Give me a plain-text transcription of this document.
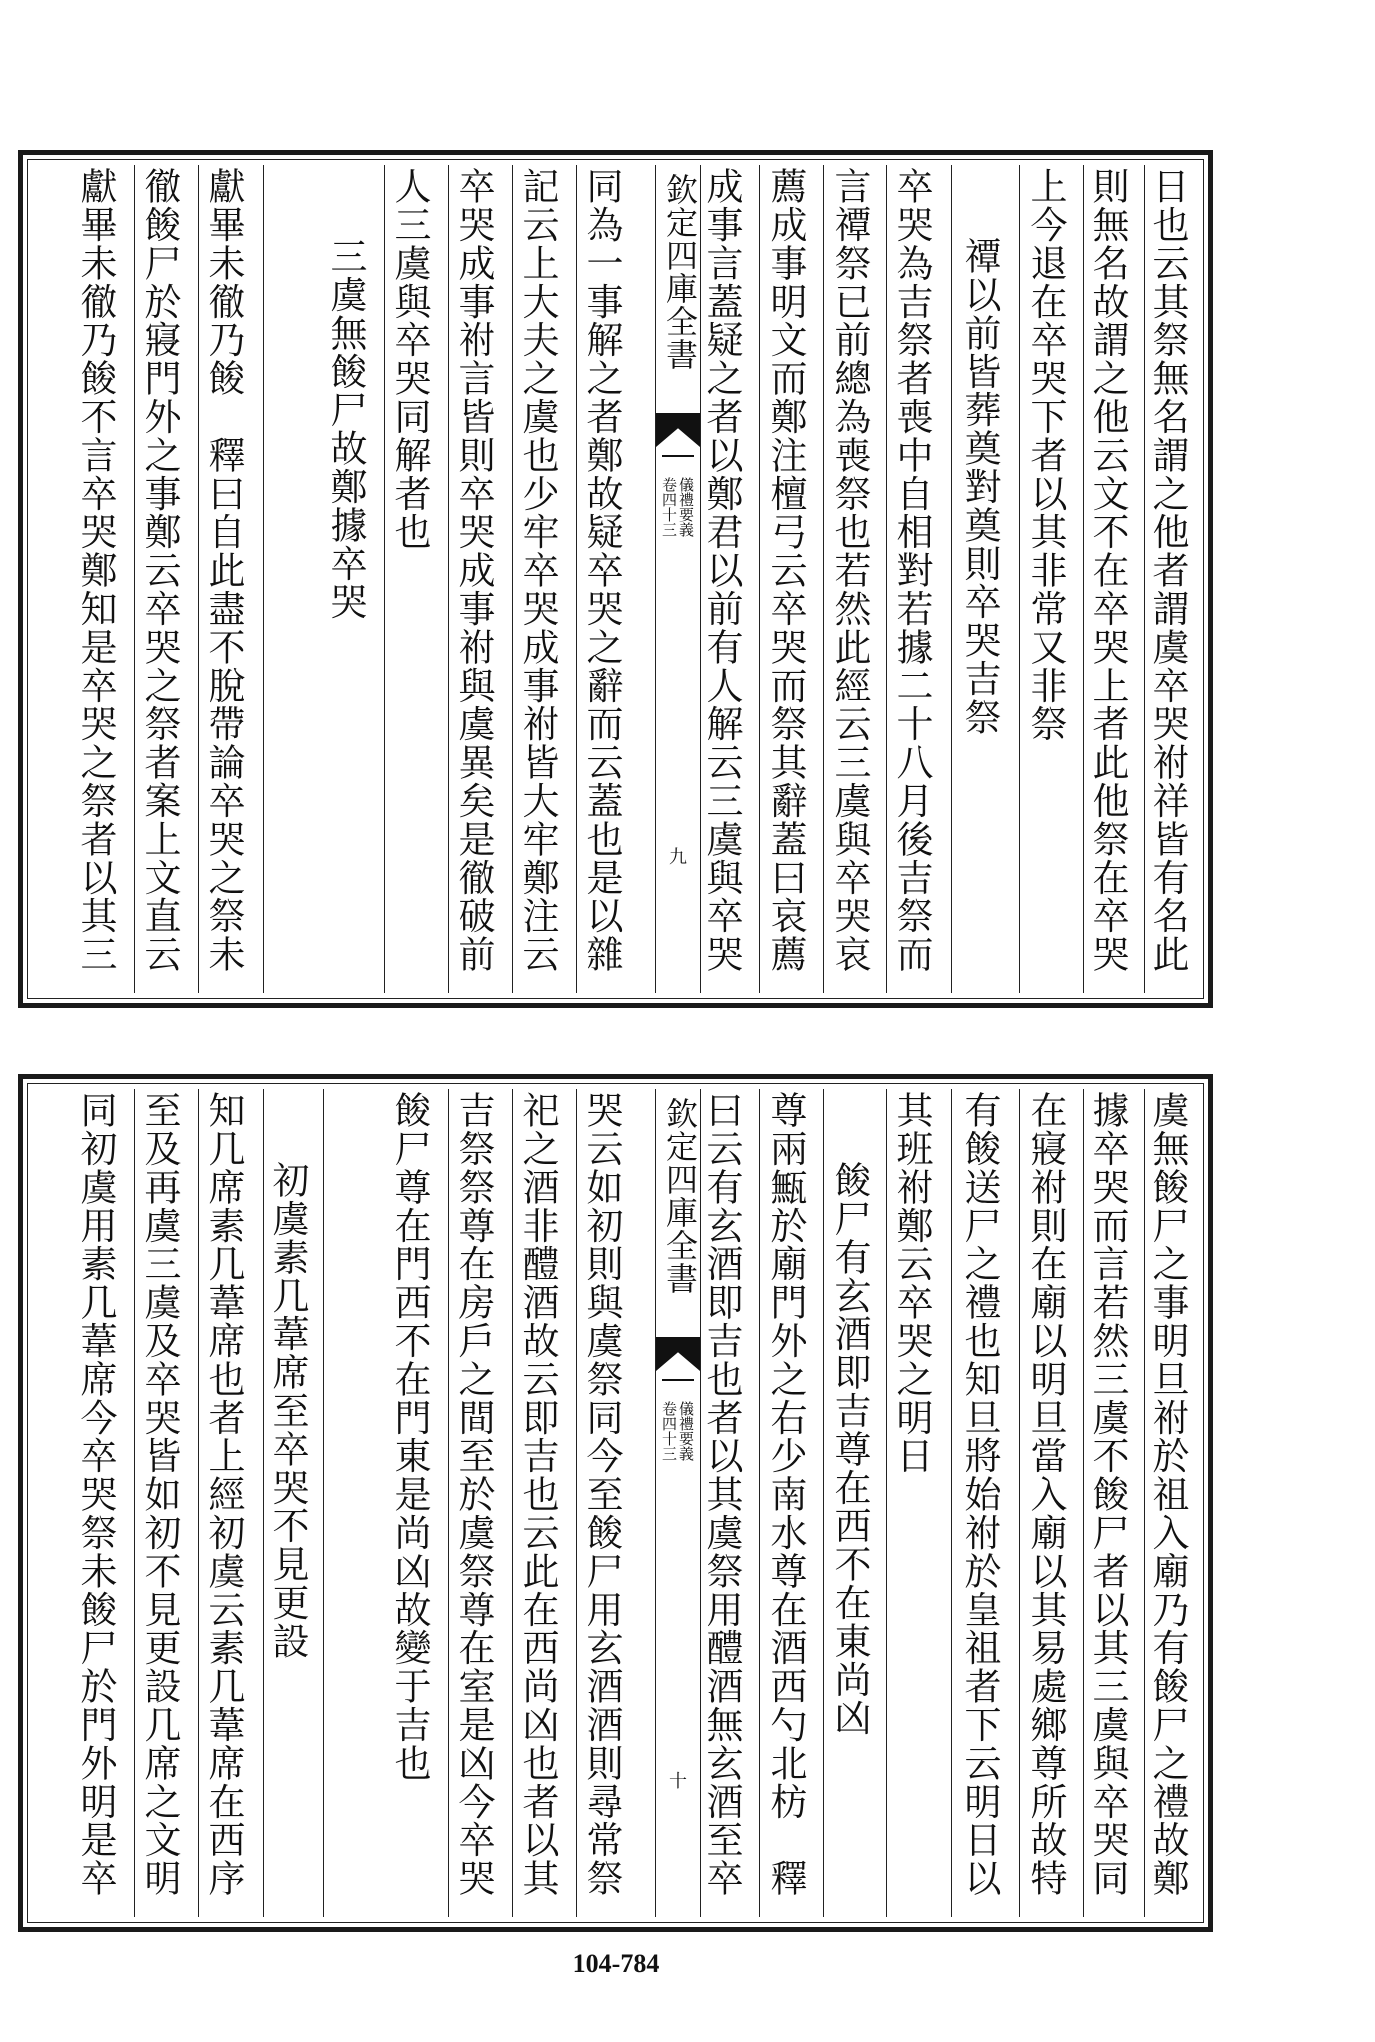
日也云其祭無名謂之他者謂虞卒哭祔祥皆有名此
則無名故謂之他云文不在卒哭上者此他祭在卒哭
上今退在卒哭下者以其非常又非祭
禫以前皆葬奠對奠則卒哭吉祭
卒哭為吉祭者喪中自相對若據二十八月後吉祭而
言禫祭已前總為喪祭也若然此經云三虞與卒哭哀
薦成事明文而鄭注檀弓云卒哭而祭其辭蓋曰哀薦
成事言蓋疑之者以鄭君以前有人解云三虞與卒哭
欽定四庫全書
儀禮要義
卷四十三
九
同為一事解之者鄭故疑卒哭之辭而云蓋也是以雜
記云上大夫之虞也少牢卒哭成事祔皆大牢鄭注云
卒哭成事祔言皆則卒哭成事祔與虞異矣是徹破前
人三虞與卒哭同解者也
三虞無餕尸故鄭據卒哭
獻畢未徹乃餕　釋曰自此盡不脫帶論卒哭之祭未
徹餕尸於寢門外之事鄭云卒哭之祭者案上文直云
獻畢未徹乃餕不言卒哭鄭知是卒哭之祭者以其三
虞無餕尸之事明旦祔於祖入廟乃有餕尸之禮故鄭
據卒哭而言若然三虞不餕尸者以其三虞與卒哭同
在寢祔則在廟以明旦當入廟以其易處鄉尊所故特
有餕送尸之禮也知旦將始祔於皇祖者下云明日以
其班祔鄭云卒哭之明日
餕尸有玄酒即吉尊在西不在東尚凶
尊兩甒於廟門外之右少南水尊在酒西勺北枋　釋
曰云有玄酒即吉也者以其虞祭用醴酒無玄酒至卒
欽定四庫全書
儀禮要義
卷四十三
十
哭云如初則與虞祭同今至餕尸用玄酒酒則尋常祭
祀之酒非醴酒故云即吉也云此在西尚凶也者以其
吉祭祭尊在房戶之間至於虞祭尊在室是凶今卒哭
餕尸尊在門西不在門東是尚凶故變于吉也
初虞素几葦席至卒哭不見更設
知几席素几葦席也者上經初虞云素几葦席在西序
至及再虞三虞及卒哭皆如初不見更設几席之文明
同初虞用素几葦席今卒哭祭未餕尸於門外明是卒
104-784
